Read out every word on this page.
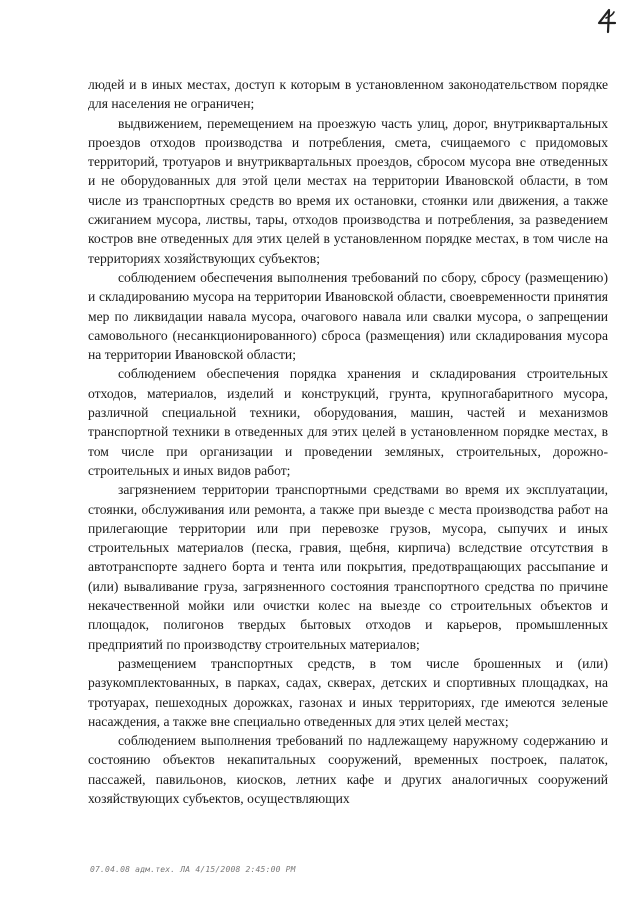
людей и в иных местах, доступ к которым в установленном законодательством порядке для населения не ограничен;

выдвижением, перемещением на проезжую часть улиц, дорог, внутриквартальных проездов отходов производства и потребления, смета, счищаемого с придомовых территорий, тротуаров и внутриквартальных проездов, сбросом мусора вне отведенных и не оборудованных для этой цели местах на территории Ивановской области, в том числе из транспортных средств во время их остановки, стоянки или движения, а также сжиганием мусора, листвы, тары, отходов производства и потребления, за разведением костров вне отведенных для этих целей в установленном порядке местах, в том числе на территориях хозяйствующих субъектов;

соблюдением обеспечения выполнения требований по сбору, сбросу (размещению) и складированию мусора на территории Ивановской области, своевременности принятия мер по ликвидации навала мусора, очагового навала или свалки мусора, о запрещении самовольного (несанкционированного) сброса (размещения) или складирования мусора на территории Ивановской области;

соблюдением обеспечения порядка хранения и складирования строительных отходов, материалов, изделий и конструкций, грунта, крупногабаритного мусора, различной специальной техники, оборудования, машин, частей и механизмов транспортной техники в отведенных для этих целей в установленном порядке местах, в том числе при организации и проведении земляных, строительных, дорожно-строительных и иных видов работ;

загрязнением территории транспортными средствами во время их эксплуатации, стоянки, обслуживания или ремонта, а также при выезде с места производства работ на прилегающие территории или при перевозке грузов, мусора, сыпучих и иных строительных материалов (песка, гравия, щебня, кирпича) вследствие отсутствия в автотранспорте заднего борта и тента или покрытия, предотвращающих рассыпание и (или) вываливание груза, загрязненного состояния транспортного средства по причине некачественной мойки или очистки колес на выезде со строительных объектов и площадок, полигонов твердых бытовых отходов и карьеров, промышленных предприятий по производству строительных материалов;

размещением транспортных средств, в том числе брошенных и (или) разукомплектованных, в парках, садах, скверах, детских и спортивных площадках, на тротуарах, пешеходных дорожках, газонах и иных территориях, где имеются зеленые насаждения, а также вне специально отведенных для этих целей местах;

соблюдением выполнения требований по надлежащему наружному содержанию и состоянию объектов некапитальных сооружений, временных построек, палаток, пассажей, павильонов, киосков, летних кафе и других аналогичных сооружений хозяйствующих субъектов, осуществляющих

07.04.08 адм.тех. ЛА 4/15/2008 2:45:00 PM
